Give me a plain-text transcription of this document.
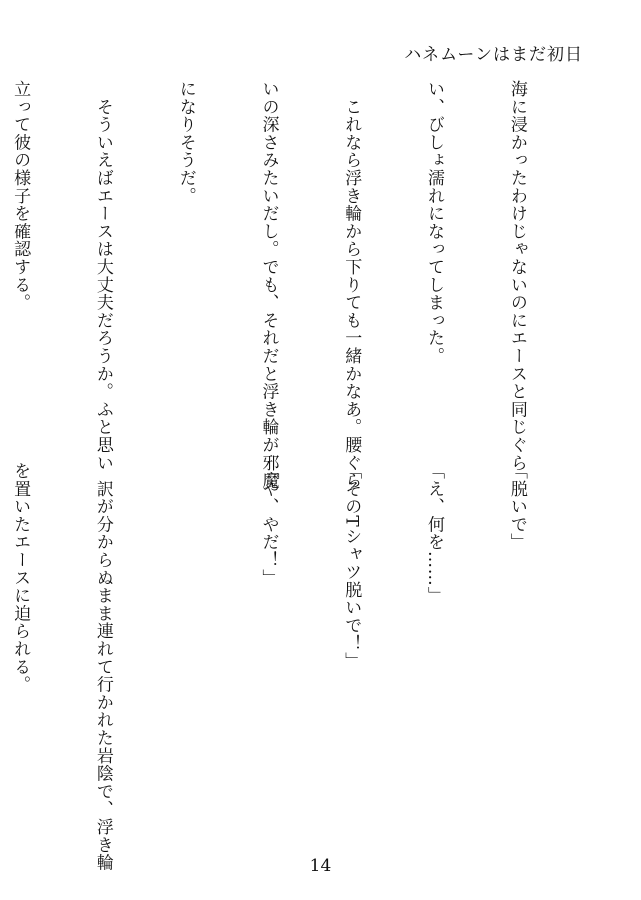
ハネムーンはまだ初日

海に浸かったわけじゃないのにエースと同じぐら

い、びしょ濡れになってしまった。

　これなら浮き輪から下りても一緒かなあ。腰ぐら

いの深さみたいだし。でも、それだと浮き輪が邪魔

になりそうだ。

　そういえばエースは大丈夫だろうか。ふと思い

立って彼の様子を確認する。

「脱いで」

「え、何を……」

「そのTシャツ脱いで！」

「や、やだ！」

　訳が分からぬまま連れて行かれた岩陰で、浮き輪

を置いたエースに迫られる。

14
